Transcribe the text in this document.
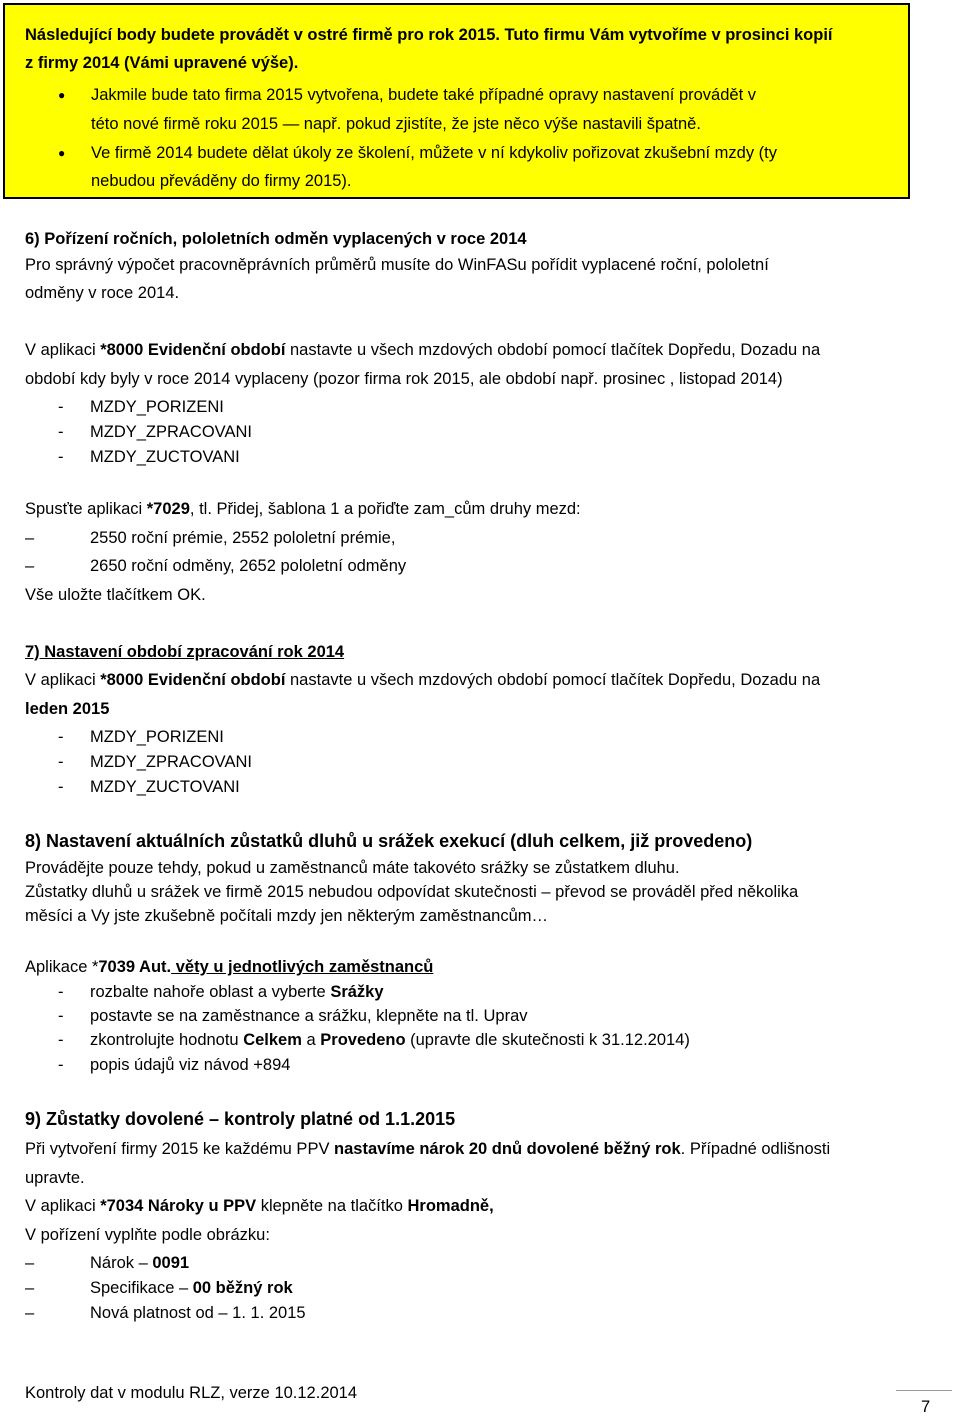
Následující body budete provádět v ostré firmě pro rok 2015. Tuto firmu Vám vytvoříme v prosinci kopií
z firmy 2014 (Vámi upravené výše).
● Jakmile bude tato firma 2015 vytvořena, budete také případné opravy nastavení provádět v
této nové firmě roku 2015 — např. pokud zjistíte, že jste něco výše nastavili špatně.
● Ve firmě 2014 budete dělat úkoly ze školení, můžete v ní kdykoliv pořizovat zkušební mzdy (ty
nebudou převáděny do firmy 2015).
6) Pořízení ročních, pololetních odměn vyplacených v roce 2014
Pro správný výpočet pracovněprávních průměrů musíte do WinFASu pořídit vyplacené roční, pololetní
odměny v roce 2014.
V aplikaci *8000 Evidenční období nastavte u všech mzdových období pomocí tlačítek Dopředu, Dozadu na
období kdy byly v roce 2014 vyplaceny (pozor firma rok 2015, ale období např. prosinec , listopad 2014)
- MZDY_PORIZENI
- MZDY_ZPRACOVANI
- MZDY_ZUCTOVANI
Spusťte aplikaci *7029, tl. Přidej, šablona 1 a pořiďte zam_cům druhy mezd:
–	2550 roční prémie, 2552 pololetní prémie,
–	2650 roční odměny, 2652 pololetní odměny
Vše uložte tlačítkem OK.
7) Nastavení období zpracování rok 2014
V aplikaci *8000 Evidenční období nastavte u všech mzdových období pomocí tlačítek Dopředu, Dozadu na
leden 2015
- MZDY_PORIZENI
- MZDY_ZPRACOVANI
- MZDY_ZUCTOVANI
8) Nastavení aktuálních zůstatků dluhů u srážek exekucí (dluh celkem, již provedeno)
Provádějte pouze tehdy, pokud u zaměstnanců máte takovéto srážky se zůstatkem dluhu.
Zůstatky dluhů u srážek ve firmě 2015 nebudou odpovídat skutečnosti – převod se prováděl před několika
měsíci a Vy jste zkušebně počítali mzdy jen některým zaměstnancům…
Aplikace *7039 Aut. věty u jednotlivých zaměstnanců
- rozbalte nahoře oblast a vyberte Srážky
- postavte se na zaměstnance a srážku, klepněte na tl. Uprav
- zkontrolujte hodnotu Celkem a Provedeno (upravte dle skutečnosti k 31.12.2014)
- popis údajů viz návod +894
9) Zůstatky dovolené – kontroly platné od 1.1.2015
Při vytvoření firmy 2015 ke každému PPV nastavíme nárok 20 dnů dovolené běžný rok. Případné odlišnosti
upravte.
V aplikaci *7034 Nároky u PPV klepněte na tlačítko Hromadně,
V pořízení vyplňte podle obrázku:
–	Nárok – 0091
–	Specifikace – 00 běžný rok
–	Nová platnost od – 1. 1. 2015
Kontroly dat v modulu RLZ, verze 10.12.2014
7
